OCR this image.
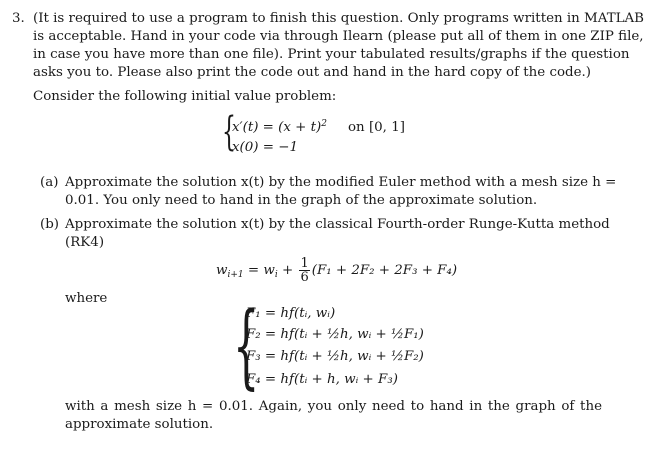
3. (It is required to use a program to finish this question. Only programs written in MATLAB
is acceptable. Hand in your code via through Ilearn (please put all of them in one ZIP file,
in case you have more than one file). Print your tabulated results/graphs if the question
asks you to. Please also print the code out and hand in the hard copy of the code.)
Consider the following initial value problem:
{
$x'(t) = (x + t)^2$ on [0, 1]
x(0) = −1
(a) Approximate the solution x(t) by the modified Euler method with a mesh size h =
0.01. You only need to hand in the graph of the approximate solution.
(b) Approximate the solution x(t) by the classical Fourth-order Runge-Kutta method
(RK4)
$w_{i+1} = w_i + \frac{1}{6} (F_1 + 2F_2 + 2F_3 + F_4)$
where {
F₁ = hf(tᵢ, wᵢ)
F₂ = hf(tᵢ + ½h, wᵢ + ½F₁)
F₃ = hf(tᵢ + ½h, wᵢ + ½F₂)
F₄ = hf(tᵢ + h, wᵢ + F₃)
with a mesh size h = 0.01. Again, you only need to hand in the graph of the
approximate solution.
